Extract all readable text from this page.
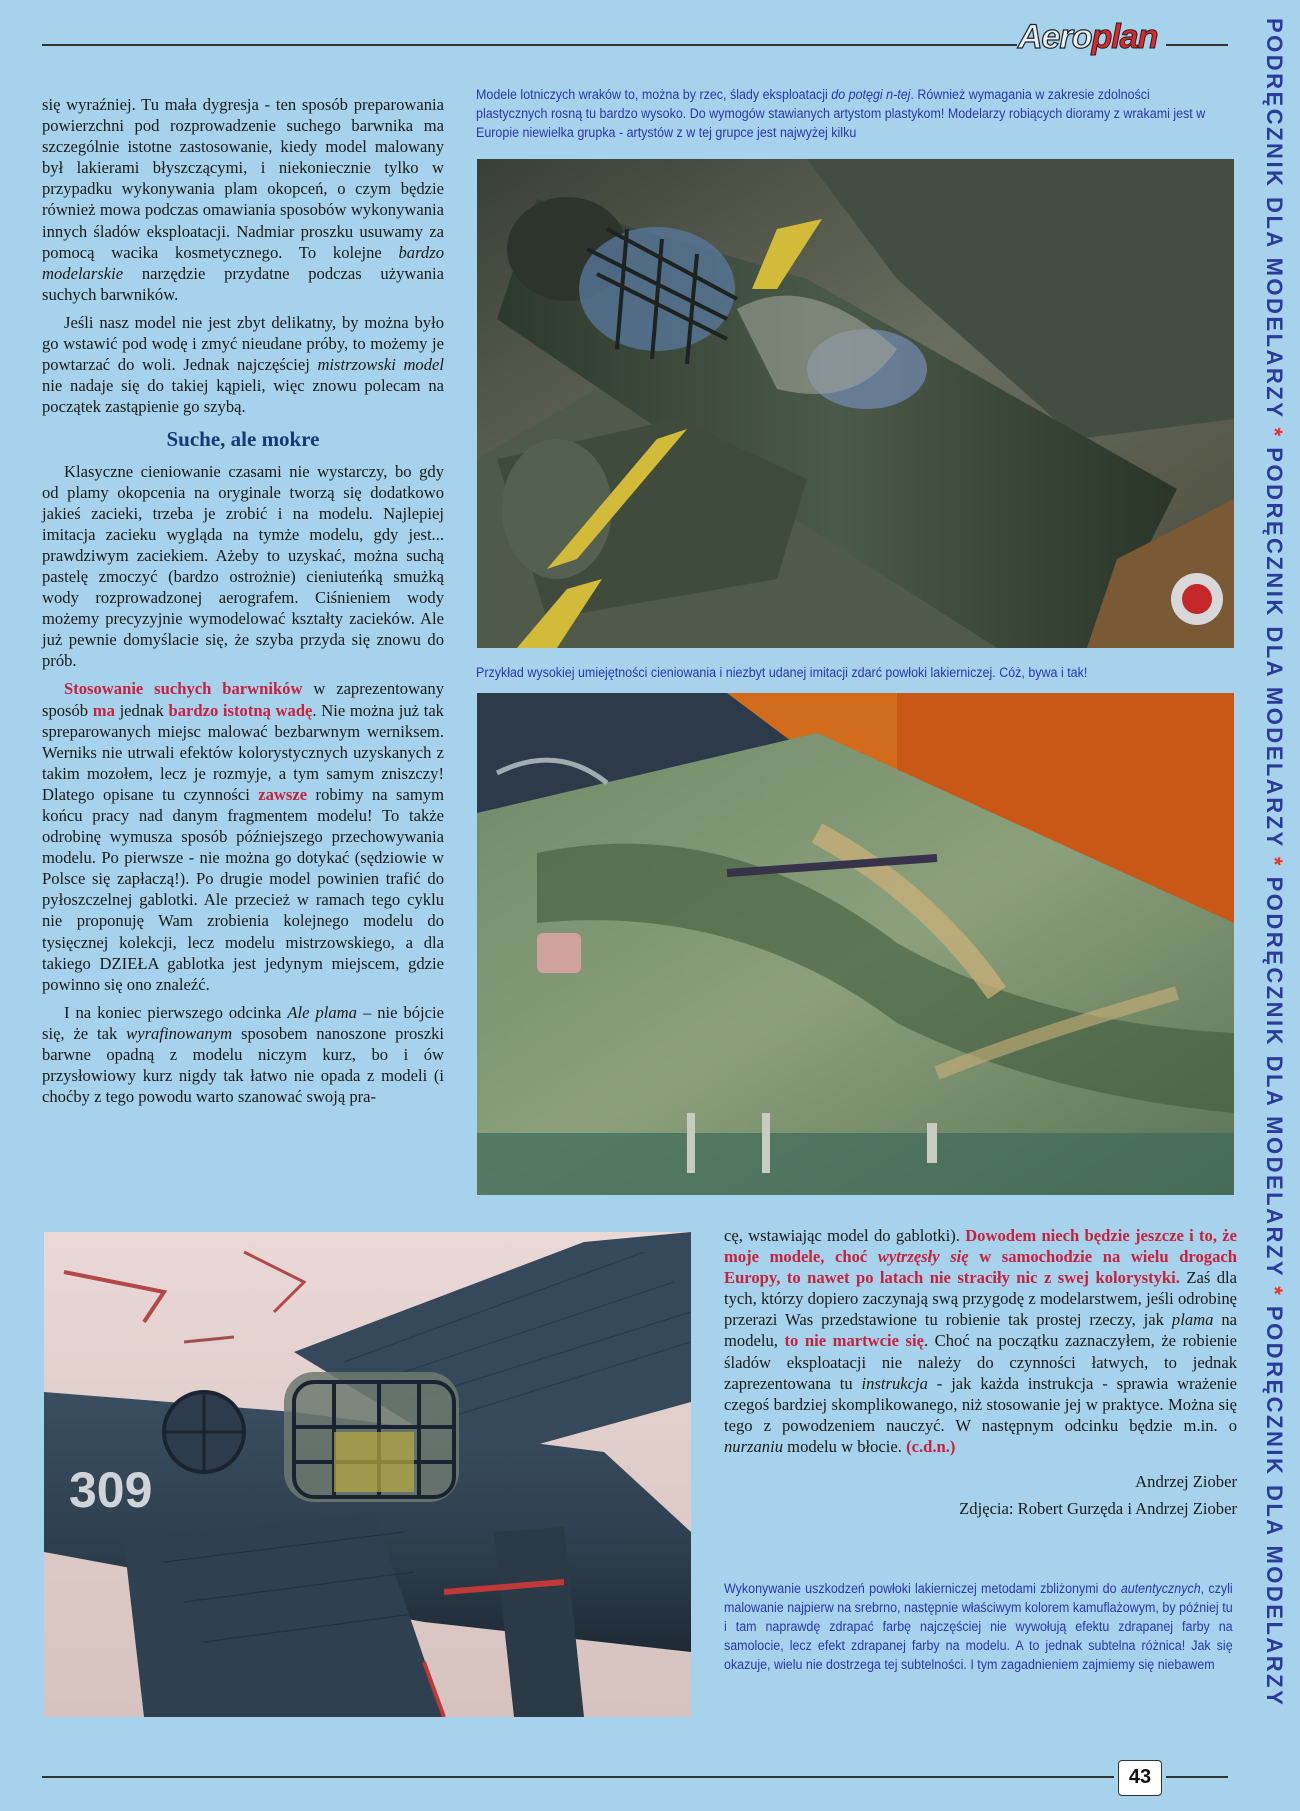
Aeroplan	PODRĘCZNIK DLA MODELARZY * PODRĘCZNIK DLA MODELARZY * PODRĘCZNIK DLA MODELARZY * PODRĘCZNIK DLA MODELARZY

się wyraźniej. Tu mała dygresja - ten sposób preparowania powierzchni pod rozprowadzenie suchego barwnika ma szczególnie istotne zastosowanie, kiedy model malowany był lakierami błyszczącymi, i niekoniecznie tylko w przypadku wykonywania plam okopceń, o czym będzie również mowa podczas omawiania sposobów wykonywania innych śladów eksploatacji. Nadmiar proszku usuwamy za pomocą wacika kosmetycznego. To kolejne bardzo modelarskie narzędzie przydatne podczas używania suchych barwników.

Jeśli nasz model nie jest zbyt delikatny, by można było go wstawić pod wodę i zmyć nieudane próby, to możemy je powtarzać do woli. Jednak najczęściej mistrzowski model nie nadaje się do takiej kąpieli, więc znowu polecam na początek zastąpienie go szybą.

Suche, ale mokre

Klasyczne cieniowanie czasami nie wystarczy, bo gdy od plamy okopcenia na oryginale tworzą się dodatkowo jakieś zacieki, trzeba je zrobić i na modelu. Najlepiej imitacja zacieku wygląda na tymże modelu, gdy jest... prawdziwym zaciekiem. Ażeby to uzyskać, można suchą pastelę zmoczyć (bardzo ostrożnie) cieniuteńką smużką wody rozprowadzonej aerografem. Ciśnieniem wody możemy precyzyjnie wymodelować kształty zacieków. Ale już pewnie domyślacie się, że szyba przyda się znowu do prób.

Stosowanie suchych barwników w zaprezentowany sposób ma jednak bardzo istotną wadę. Nie można już tak spreparowanych miejsc malować bezbarwnym werniksem. Werniks nie utrwali efektów kolorystycznych uzyskanych z takim mozołem, lecz je rozmyje, a tym samym zniszczy! Dlatego opisane tu czynności zawsze robimy na samym końcu pracy nad danym fragmentem modelu! To także odrobinę wymusza sposób późniejszego przechowywania modelu. Po pierwsze - nie można go dotykać (sędziowie w Polsce się zapłaczą!). Po drugie model powinien trafić do pyłoszczelnej gablotki. Ale przecież w ramach tego cyklu nie proponuję Wam zrobienia kolejnego modelu do tysięcznej kolekcji, lecz modelu mistrzowskiego, a dla takiego DZIEŁA gablotka jest jedynym miejscem, gdzie powinno się ono znaleźć.

I na koniec pierwszego odcinka Ale plama – nie bójcie się, że tak wyrafinowanym sposobem nanoszone proszki barwne opadną z modelu niczym kurz, bo i ów przysłowiowy kurz nigdy tak łatwo nie opada z modeli (i choćby z tego powodu warto szanować swoją pra-

Modele lotniczych wraków to, można by rzec, ślady eksploatacji do potęgi n-tej. Również wymagania w zakresie zdolności plastycznych rosną tu bardzo wysoko. Do wymogów stawianych artystom plastykom! Modelarzy robiących dioramy z wrakami jest w Europie niewielka grupka - artystów z w tej grupce jest najwyżej kilku
Przykład wysokiej umiejętności cieniowania i niezbyt udanej imitacji zdarć powłoki lakierniczej. Cóż, bywa i tak!
309

cę, wstawiając model do gablotki). Dowodem niech będzie jeszcze i to, że moje modele, choć wytrzęsły się w samochodzie na wielu drogach Europy, to nawet po latach nie straciły nic z swej kolorystyki. Zaś dla tych, którzy dopiero zaczynają swą przygodę z modelarstwem, jeśli odrobinę przerazi Was przedstawione tu robienie tak prostej rzeczy, jak plama na modelu, to nie martwcie się. Choć na początku zaznaczyłem, że robienie śladów eksploatacji nie należy do czynności łatwych, to jednak zaprezentowana tu instrukcja - jak każda instrukcja - sprawia wrażenie czegoś bardziej skomplikowanego, niż stosowanie jej w praktyce. Można się tego z powodzeniem nauczyć. W następnym odcinku będzie m.in. o nurzaniu modelu w błocie. (c.d.n.)

Andrzej Ziober
Zdjęcia: Robert Gurzęda i Andrzej Ziober
Wykonywanie uszkodzeń powłoki lakierniczej metodami zbliżonymi do autentycznych, czyli malowanie najpierw na srebrno, następnie właściwym kolorem kamuflażowym, by później tu i tam naprawdę zdrapać farbę najczęściej nie wywołują efektu zdrapanej farby na samolocie, lecz efekt zdrapanej farby na modelu. A to jednak subtelna różnica! Jak się okazuje, wielu nie dostrzega tej subtelności. I tym zagadnieniem zajmiemy się niebawem
43
